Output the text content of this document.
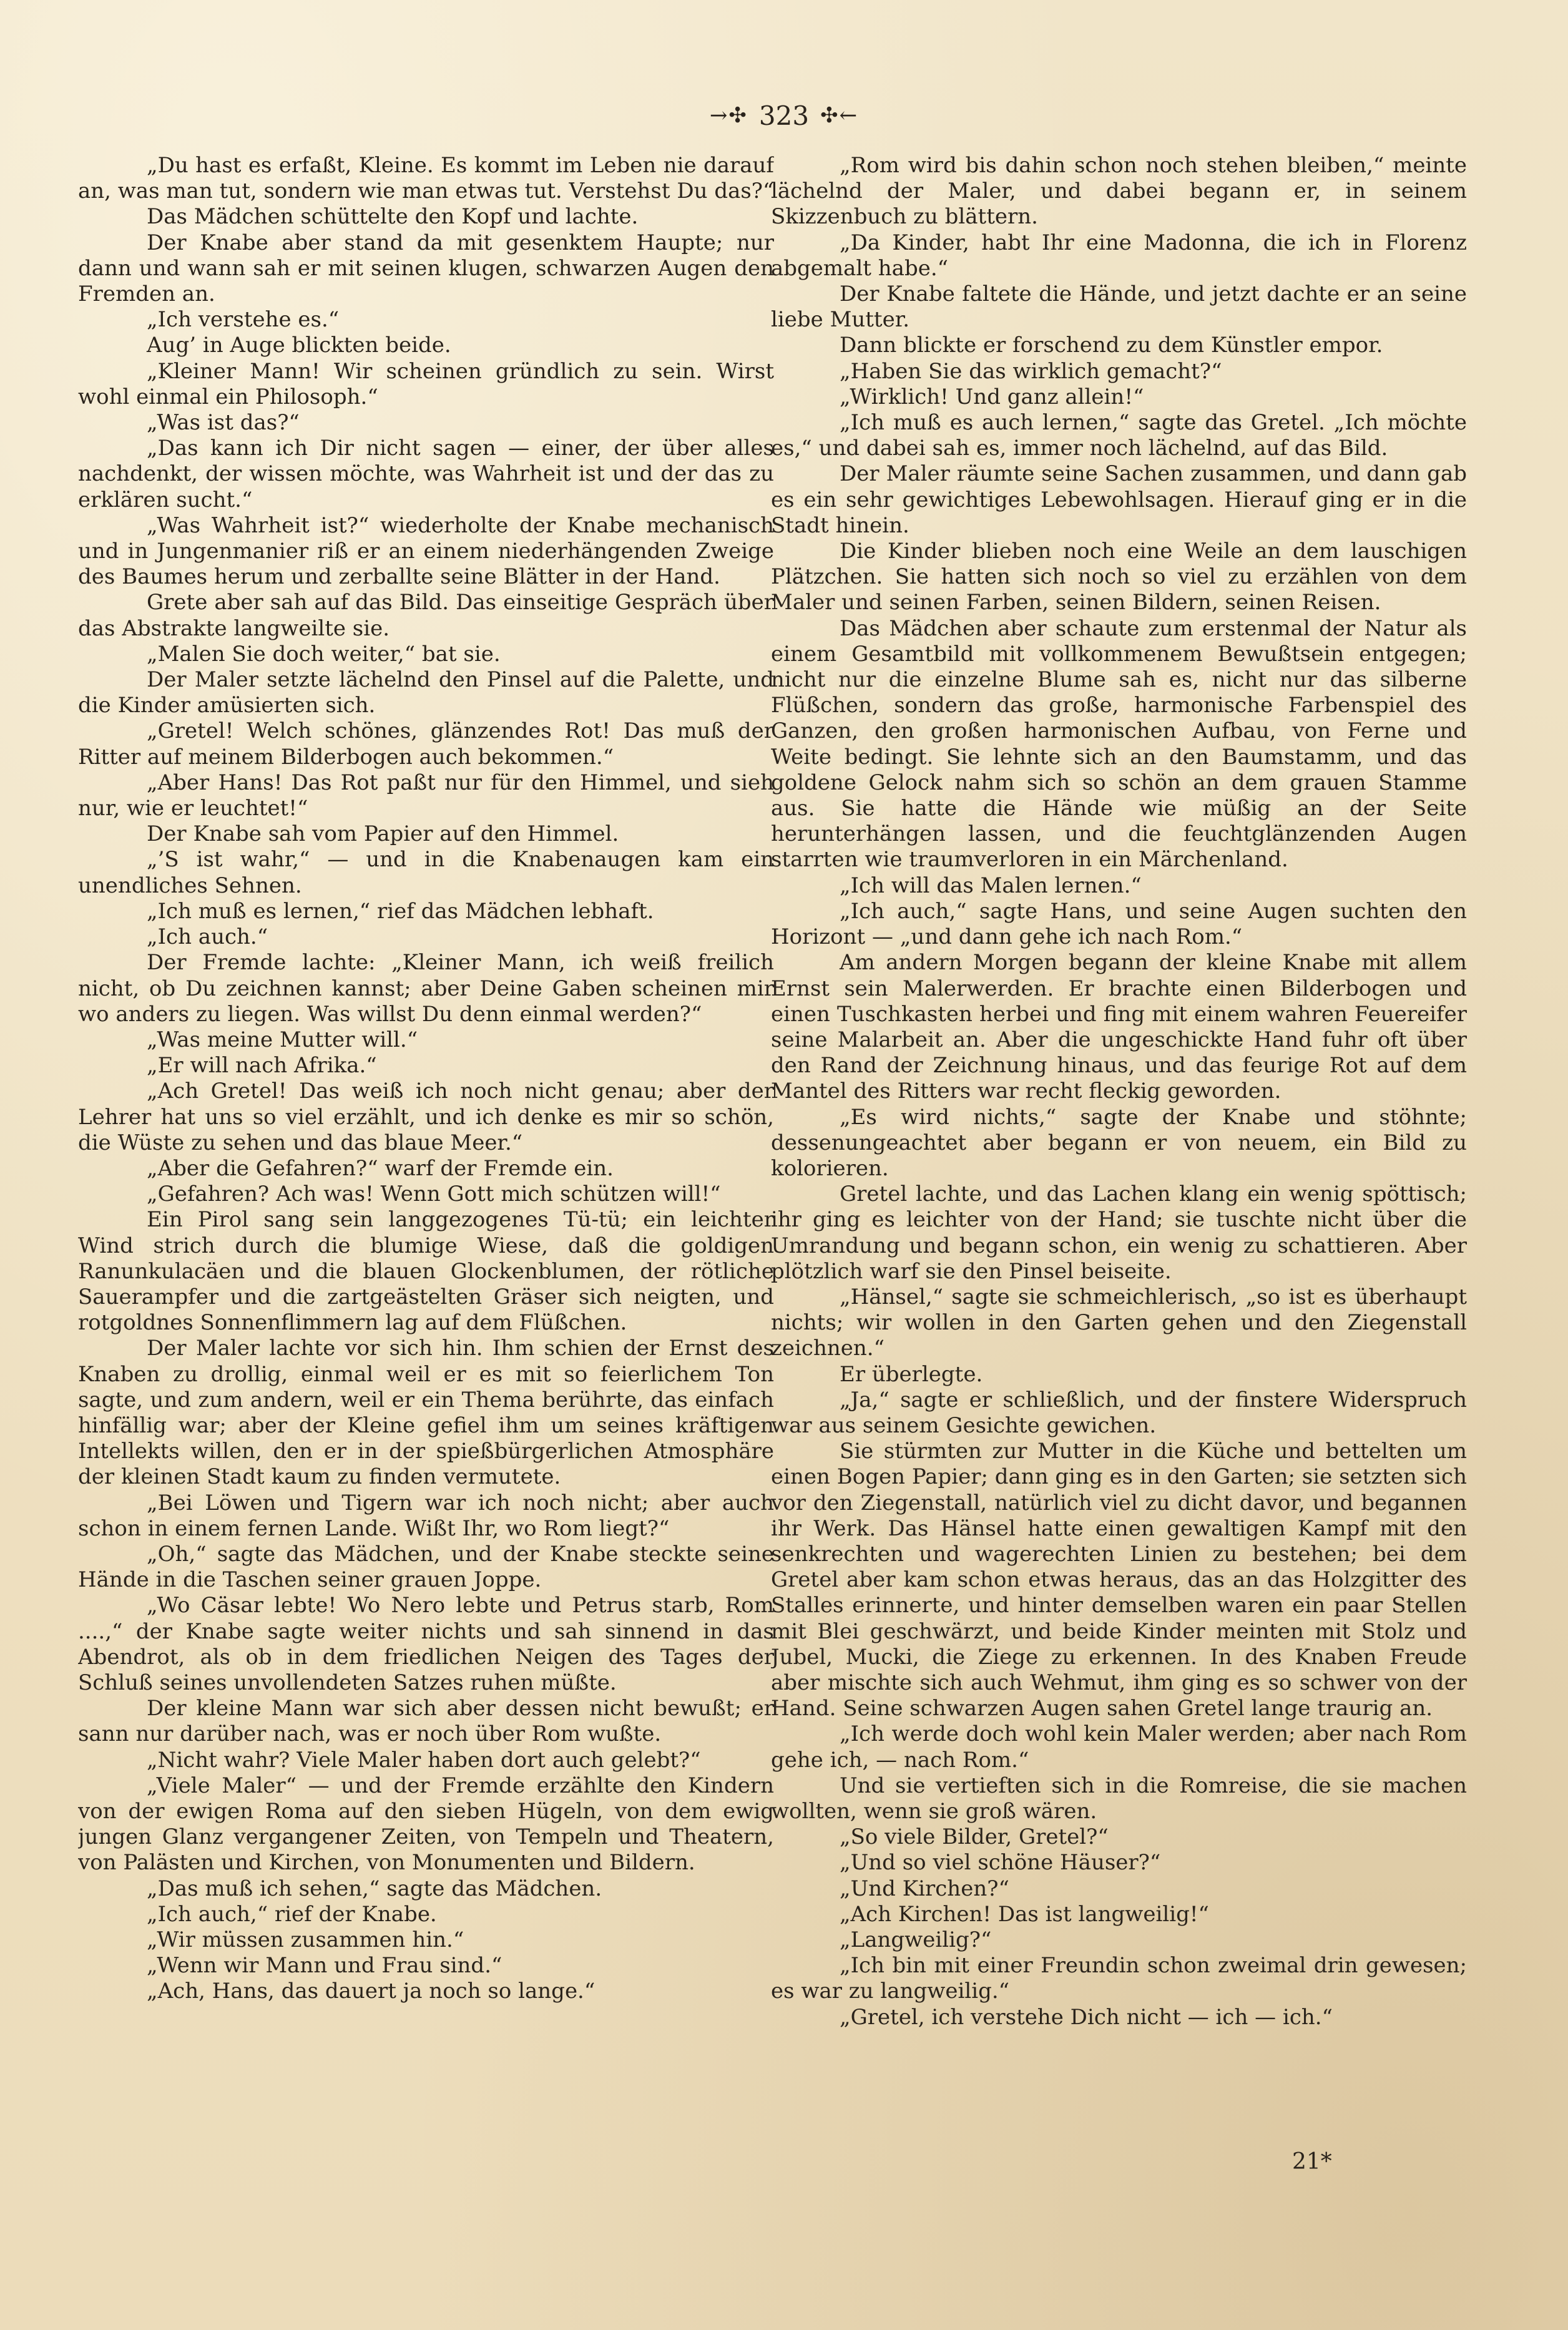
→✣ 323 ✣←

„Du hast es erfaßt, Kleine. Es kommt im Leben nie darauf an, was man tut, sondern wie man etwas tut. Verstehst Du das?“

Das Mädchen schüttelte den Kopf und lachte.

Der Knabe aber stand da mit gesenktem Haupte; nur dann und wann sah er mit seinen klugen, schwarzen Augen den Fremden an.

„Ich verstehe es.“

Aug’ in Auge blickten beide.

„Kleiner Mann! Wir scheinen gründlich zu sein. Wirst wohl einmal ein Philosoph.“

„Was ist das?“

„Das kann ich Dir nicht sagen — einer, der über alles nachdenkt, der wissen möchte, was Wahrheit ist und der das zu erklären sucht.“

„Was Wahrheit ist?“ wiederholte der Knabe mechanisch und in Jungenmanier riß er an einem niederhängenden Zweige des Baumes herum und zerballte seine Blätter in der Hand.

Grete aber sah auf das Bild. Das einseitige Gespräch über das Abstrakte langweilte sie.

„Malen Sie doch weiter,“ bat sie.

Der Maler setzte lächelnd den Pinsel auf die Palette, und die Kinder amüsierten sich.

„Gretel! Welch schönes, glänzendes Rot! Das muß der Ritter auf meinem Bilderbogen auch bekommen.“

„Aber Hans! Das Rot paßt nur für den Himmel, und sieh nur, wie er leuchtet!“

Der Knabe sah vom Papier auf den Himmel.

„’S ist wahr,“ — und in die Knabenaugen kam ein unendliches Sehnen.

„Ich muß es lernen,“ rief das Mädchen lebhaft.

„Ich auch.“

Der Fremde lachte: „Kleiner Mann, ich weiß freilich nicht, ob Du zeichnen kannst; aber Deine Gaben scheinen mir wo anders zu liegen. Was willst Du denn einmal werden?“

„Was meine Mutter will.“

„Er will nach Afrika.“

„Ach Gretel! Das weiß ich noch nicht genau; aber der Lehrer hat uns so viel erzählt, und ich denke es mir so schön, die Wüste zu sehen und das blaue Meer.“

„Aber die Gefahren?“ warf der Fremde ein.

„Gefahren? Ach was! Wenn Gott mich schützen will!“

Ein Pirol sang sein langgezogenes Tü-tü; ein leichter Wind strich durch die blumige Wiese, daß die goldigen Ranunkulacäen und die blauen Glockenblumen, der rötliche Sauerampfer und die zartgeästelten Gräser sich neigten, und rotgoldnes Sonnenflimmern lag auf dem Flüßchen.

Der Maler lachte vor sich hin. Ihm schien der Ernst des Knaben zu drollig, einmal weil er es mit so feierlichem Ton sagte, und zum andern, weil er ein Thema berührte, das einfach hinfällig war; aber der Kleine gefiel ihm um seines kräftigen Intellekts willen, den er in der spießbürgerlichen Atmosphäre der kleinen Stadt kaum zu finden vermutete.

„Bei Löwen und Tigern war ich noch nicht; aber auch schon in einem fernen Lande. Wißt Ihr, wo Rom liegt?“

„Oh,“ sagte das Mädchen, und der Knabe steckte seine Hände in die Taschen seiner grauen Joppe.

„Wo Cäsar lebte! Wo Nero lebte und Petrus starb, Rom ....,“ der Knabe sagte weiter nichts und sah sinnend in das Abendrot, als ob in dem friedlichen Neigen des Tages der Schluß seines unvollendeten Satzes ruhen müßte.

Der kleine Mann war sich aber dessen nicht bewußt; er sann nur darüber nach, was er noch über Rom wußte.

„Nicht wahr? Viele Maler haben dort auch gelebt?“

„Viele Maler“ — und der Fremde erzählte den Kindern von der ewigen Roma auf den sieben Hügeln, von dem ewig jungen Glanz vergangener Zeiten, von Tempeln und Theatern, von Palästen und Kirchen, von Monumenten und Bildern.

„Das muß ich sehen,“ sagte das Mädchen.

„Ich auch,“ rief der Knabe.

„Wir müssen zusammen hin.“

„Wenn wir Mann und Frau sind.“

„Ach, Hans, das dauert ja noch so lange.“

„Rom wird bis dahin schon noch stehen bleiben,“ meinte lächelnd der Maler, und dabei begann er, in seinem Skizzenbuch zu blättern.

„Da Kinder, habt Ihr eine Madonna, die ich in Florenz abgemalt habe.“

Der Knabe faltete die Hände, und jetzt dachte er an seine liebe Mutter.

Dann blickte er forschend zu dem Künstler empor.

„Haben Sie das wirklich gemacht?“

„Wirklich! Und ganz allein!“

„Ich muß es auch lernen,“ sagte das Gretel. „Ich möchte es,“ und dabei sah es, immer noch lächelnd, auf das Bild.

Der Maler räumte seine Sachen zusammen, und dann gab es ein sehr gewichtiges Lebewohlsagen. Hierauf ging er in die Stadt hinein.

Die Kinder blieben noch eine Weile an dem lauschigen Plätzchen. Sie hatten sich noch so viel zu erzählen von dem Maler und seinen Farben, seinen Bildern, seinen Reisen.

Das Mädchen aber schaute zum erstenmal der Natur als einem Gesamtbild mit vollkommenem Bewußtsein entgegen; nicht nur die einzelne Blume sah es, nicht nur das silberne Flüßchen, sondern das große, harmonische Farbenspiel des Ganzen, den großen harmonischen Aufbau, von Ferne und Weite bedingt. Sie lehnte sich an den Baumstamm, und das goldene Gelock nahm sich so schön an dem grauen Stamme aus. Sie hatte die Hände wie müßig an der Seite herunterhängen lassen, und die feuchtglänzenden Augen starrten wie traumverloren in ein Märchenland.

„Ich will das Malen lernen.“

„Ich auch,“ sagte Hans, und seine Augen suchten den Horizont — „und dann gehe ich nach Rom.“

Am andern Morgen begann der kleine Knabe mit allem Ernst sein Malerwerden. Er brachte einen Bilderbogen und einen Tuschkasten herbei und fing mit einem wahren Feuereifer seine Malarbeit an. Aber die ungeschickte Hand fuhr oft über den Rand der Zeichnung hinaus, und das feurige Rot auf dem Mantel des Ritters war recht fleckig geworden.

„Es wird nichts,“ sagte der Knabe und stöhnte; dessenungeachtet aber begann er von neuem, ein Bild zu kolorieren.

Gretel lachte, und das Lachen klang ein wenig spöttisch; ihr ging es leichter von der Hand; sie tuschte nicht über die Umrandung und begann schon, ein wenig zu schattieren. Aber plötzlich warf sie den Pinsel beiseite.

„Hänsel,“ sagte sie schmeichlerisch, „so ist es überhaupt nichts; wir wollen in den Garten gehen und den Ziegenstall zeichnen.“

Er überlegte.

„Ja,“ sagte er schließlich, und der finstere Widerspruch war aus seinem Gesichte gewichen.

Sie stürmten zur Mutter in die Küche und bettelten um einen Bogen Papier; dann ging es in den Garten; sie setzten sich vor den Ziegenstall, natürlich viel zu dicht davor, und begannen ihr Werk. Das Hänsel hatte einen gewaltigen Kampf mit den senkrechten und wagerechten Linien zu bestehen; bei dem Gretel aber kam schon etwas heraus, das an das Holzgitter des Stalles erinnerte, und hinter demselben waren ein paar Stellen mit Blei geschwärzt, und beide Kinder meinten mit Stolz und Jubel, Mucki, die Ziege zu erkennen. In des Knaben Freude aber mischte sich auch Wehmut, ihm ging es so schwer von der Hand. Seine schwarzen Augen sahen Gretel lange traurig an.

„Ich werde doch wohl kein Maler werden; aber nach Rom gehe ich, — nach Rom.“

Und sie vertieften sich in die Romreise, die sie machen wollten, wenn sie groß wären.

„So viele Bilder, Gretel?“

„Und so viel schöne Häuser?“

„Und Kirchen?“

„Ach Kirchen! Das ist langweilig!“

„Langweilig?“

„Ich bin mit einer Freundin schon zweimal drin gewesen; es war zu langweilig.“

„Gretel, ich verstehe Dich nicht — ich — ich.“

21*
